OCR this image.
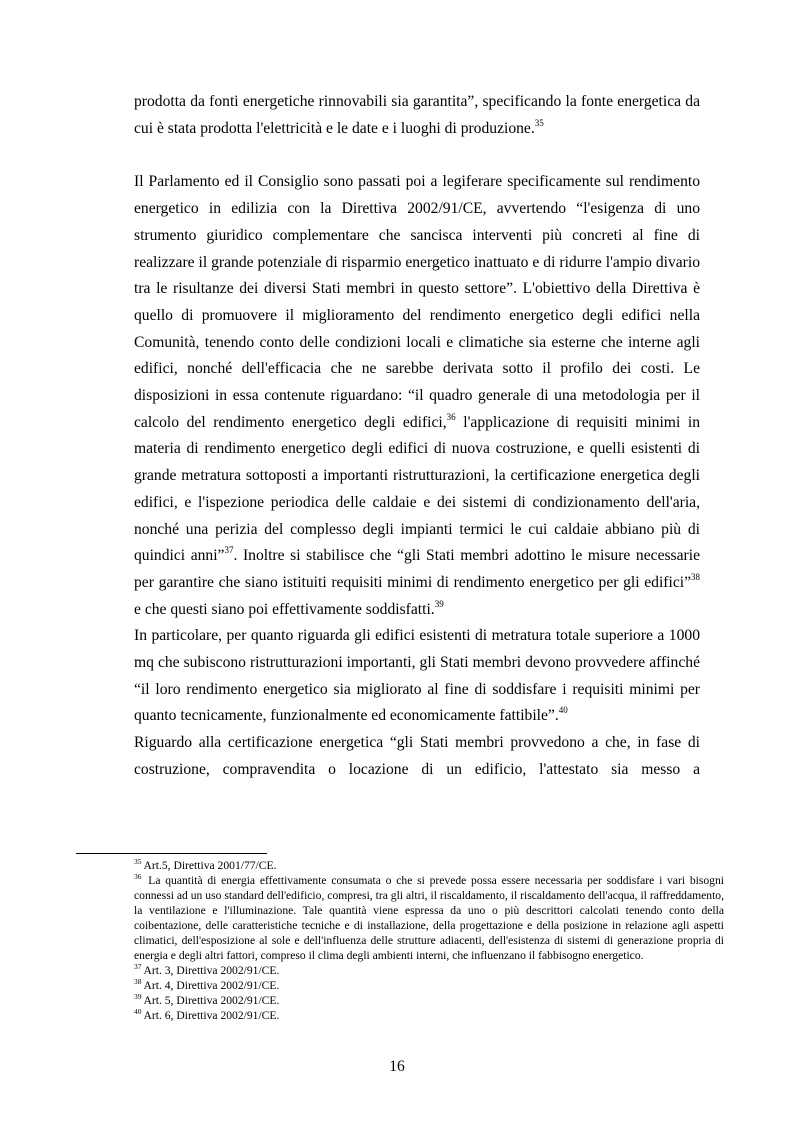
prodotta da fonti energetiche rinnovabili sia garantita”, specificando la fonte energetica da cui è stata prodotta l'elettricità e le date e i luoghi di produzione.$^{35}$

Il Parlamento ed il Consiglio sono passati poi a legiferare specificamente sul rendimento energetico in edilizia con la Direttiva 2002/91/CE, avvertendo “l'esigenza di uno strumento giuridico complementare che sancisca interventi più concreti al fine di realizzare il grande potenziale di risparmio energetico inattuato e di ridurre l'ampio divario tra le risultanze dei diversi Stati membri in questo settore”. L'obiettivo della Direttiva è quello di promuovere il miglioramento del rendimento energetico degli edifici nella Comunità, tenendo conto delle condizioni locali e climatiche sia esterne che interne agli edifici, nonché dell'efficacia che ne sarebbe derivata sotto il profilo dei costi. Le disposizioni in essa contenute riguardano: “il quadro generale di una metodologia per il calcolo del rendimento energetico degli edifici,$^{36}$ l'applicazione di requisiti minimi in materia di rendimento energetico degli edifici di nuova costruzione, e quelli esistenti di grande metratura sottoposti a importanti ristrutturazioni, la certificazione energetica degli edifici, e l'ispezione periodica delle caldaie e dei sistemi di condizionamento dell'aria, nonché una perizia del complesso degli impianti termici le cui caldaie abbiano più di quindici anni”$^{37}$. Inoltre si stabilisce che “gli Stati membri adottino le misure necessarie per garantire che siano istituiti requisiti minimi di rendimento energetico per gli edifici”$^{38}$ e che questi siano poi effettivamente soddisfatti.$^{39}$

In particolare, per quanto riguarda gli edifici esistenti di metratura totale superiore a 1000 mq che subiscono ristrutturazioni importanti, gli Stati membri devono provvedere affinché “il loro rendimento energetico sia migliorato al fine di soddisfare i requisiti minimi per quanto tecnicamente, funzionalmente ed economicamente fattibile”.$^{40}$

Riguardo alla certificazione energetica “gli Stati membri provvedono a che, in fase di costruzione, compravendita o locazione di un edificio, l'attestato sia messo a

$^{35}$ Art.5, Direttiva 2001/77/CE.

$^{36}$ La quantità di energia effettivamente consumata o che si prevede possa essere necessaria per soddisfare i vari bisogni connessi ad un uso standard dell'edificio, compresi, tra gli altri, il riscaldamento, il riscaldamento dell'acqua, il raffreddamento, la ventilazione e l'illuminazione. Tale quantità viene espressa da uno o più descrittori calcolati tenendo conto della coibentazione, delle caratteristiche tecniche e di installazione, della progettazione e della posizione in relazione agli aspetti climatici, dell'esposizione al sole e dell'influenza delle strutture adiacenti, dell'esistenza di sistemi di generazione propria di energia e degli altri fattori, compreso il clima degli ambienti interni, che influenzano il fabbisogno energetico.

$^{37}$ Art. 3, Direttiva 2002/91/CE.

$^{38}$ Art. 4, Direttiva 2002/91/CE.

$^{39}$ Art. 5, Direttiva 2002/91/CE.

$^{40}$ Art. 6, Direttiva 2002/91/CE.

16
